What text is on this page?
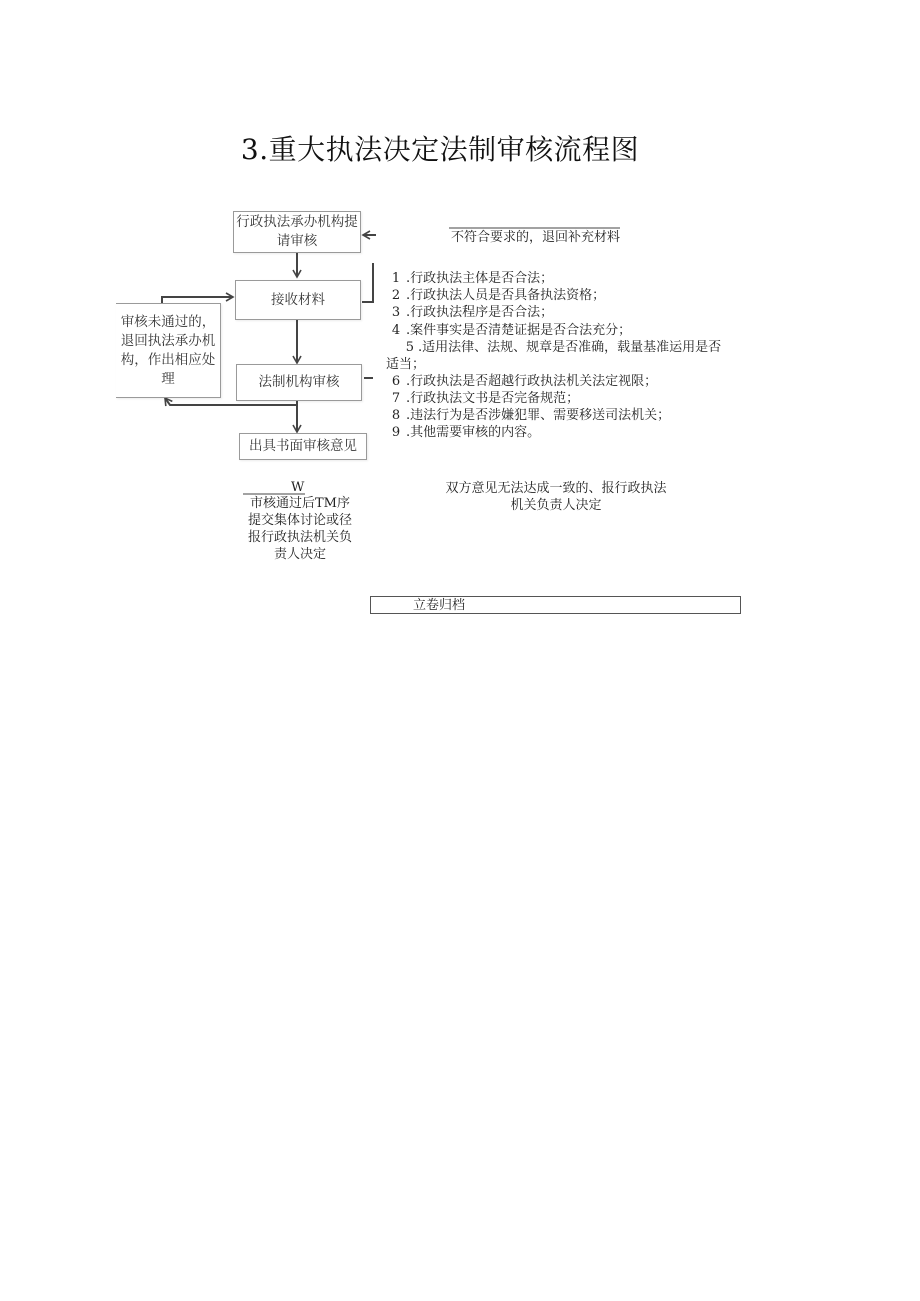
3.重大执法决定法制审核流程图
行政执法承办机构提请审核
接收材料
审核未通过的，退回执法承办机构，作出相应处理	法制机构审核
出具书面审核意见
立卷归档
不符合要求的，退回补充材料
1 .行政执法主体是否合法；
2 .行政执法人员是否具备执法资格；
3 .行政执法程序是否合法；
4 .案件事实是否清楚证据是否合法充分；
5 .适用法律、法规、规章是否准确，载量基准运用是否适当；
6 .行政执法是否超越行政执法机关法定视限；
7 .行政执法文书是否完备规范；
8 .违法行为是否涉嫌犯罪、需要移送司法机关；
9 .其他需要审核的内容。
W
市核通过后TM序提交集体讨论或径报行政执法机关负责人决定
双方意见无法达成一致的、报行政执法机关负责人决定
